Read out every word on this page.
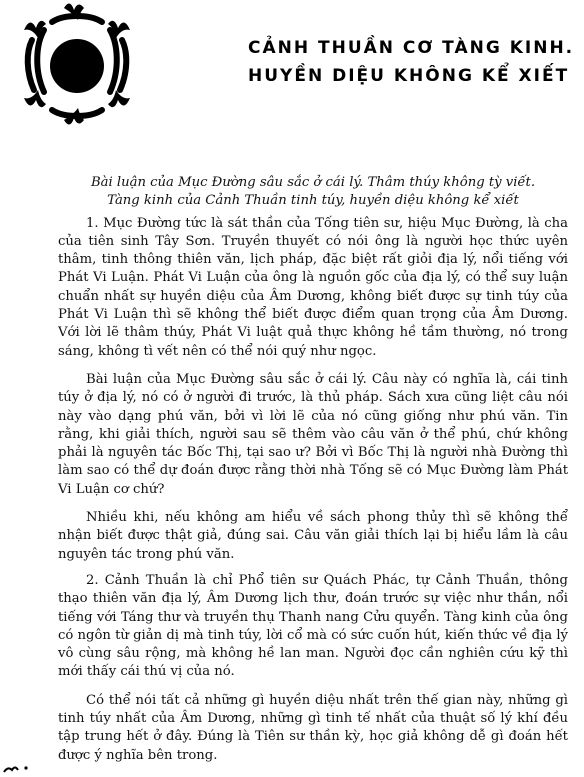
CẢNH THUẦN CƠ TÀNG KINH.
HUYỀN DIỆU KHÔNG KỂ XIẾT
Bài luận của Mục Đường sâu sắc ở cái lý. Thâm thúy không tỳ viết.
Tàng kinh của Cảnh Thuần tinh túy, huyền diệu không kể xiết

1. Mục Đường tức là sát thần của Tống tiên sư, hiệu Mục Đường, là cha của tiên sinh Tây Sơn. Truyền thuyết có nói ông là người học thức uyên thâm, tinh thông thiên văn, lịch pháp, đặc biệt rất giỏi địa lý, nổi tiếng với Phát Vi Luận. Phát Vi Luận của ông là nguồn gốc của địa lý, có thể suy luận chuẩn nhất sự huyền diệu của Âm Dương, không biết được sự tinh túy của Phát Vi Luận thì sẽ không thể biết được điểm quan trọng của Âm Dương. Với lời lẽ thâm thúy, Phát Vi luật quả thực không hề tầm thường, nó trong sáng, không tì vết nên có thể nói quý như ngọc.

Bài luận của Mục Đường sâu sắc ở cái lý. Câu này có nghĩa là, cái tinh túy ở địa lý, nó có ở người đi trước, là thủ pháp. Sách xưa cũng liệt câu nói này vào dạng phú văn, bởi vì lời lẽ của nó cũng giống như phú văn. Tin rằng, khi giải thích, người sau sẽ thêm vào câu văn ở thể phú, chứ không phải là nguyên tác Bốc Thị, tại sao ư? Bởi vì Bốc Thị là người nhà Đường thì làm sao có thể dự đoán được rằng thời nhà Tống sẽ có Mục Đường làm Phát Vi Luận cơ chứ?

Nhiều khi, nếu không am hiểu về sách phong thủy thì sẽ không thể nhận biết được thật giả, đúng sai. Câu văn giải thích lại bị hiểu lầm là câu nguyên tác trong phú văn.

2. Cảnh Thuần là chỉ Phổ tiên sư Quách Phác, tự Cảnh Thuần, thông thạo thiên văn địa lý, Âm Dương lịch thư, đoán trước sự việc như thần, nổi tiếng với Táng thư và truyền thụ Thanh nang Cửu quyển. Tàng kinh của ông có ngôn từ giản dị mà tinh túy, lời cổ mà có sức cuốn hút, kiến thức về địa lý vô cùng sâu rộng, mà không hề lan man. Người đọc cần nghiên cứu kỹ thì mới thấy cái thú vị của nó.

Có thể nói tất cả những gì huyền diệu nhất trên thế gian này, những gì tinh túy nhất của Âm Dương, những gì tinh tế nhất của thuật số lý khí đều tập trung hết ở đây. Đúng là Tiên sư thần kỳ, học giả không dễ gì đoán hết được ý nghĩa bên trong.
